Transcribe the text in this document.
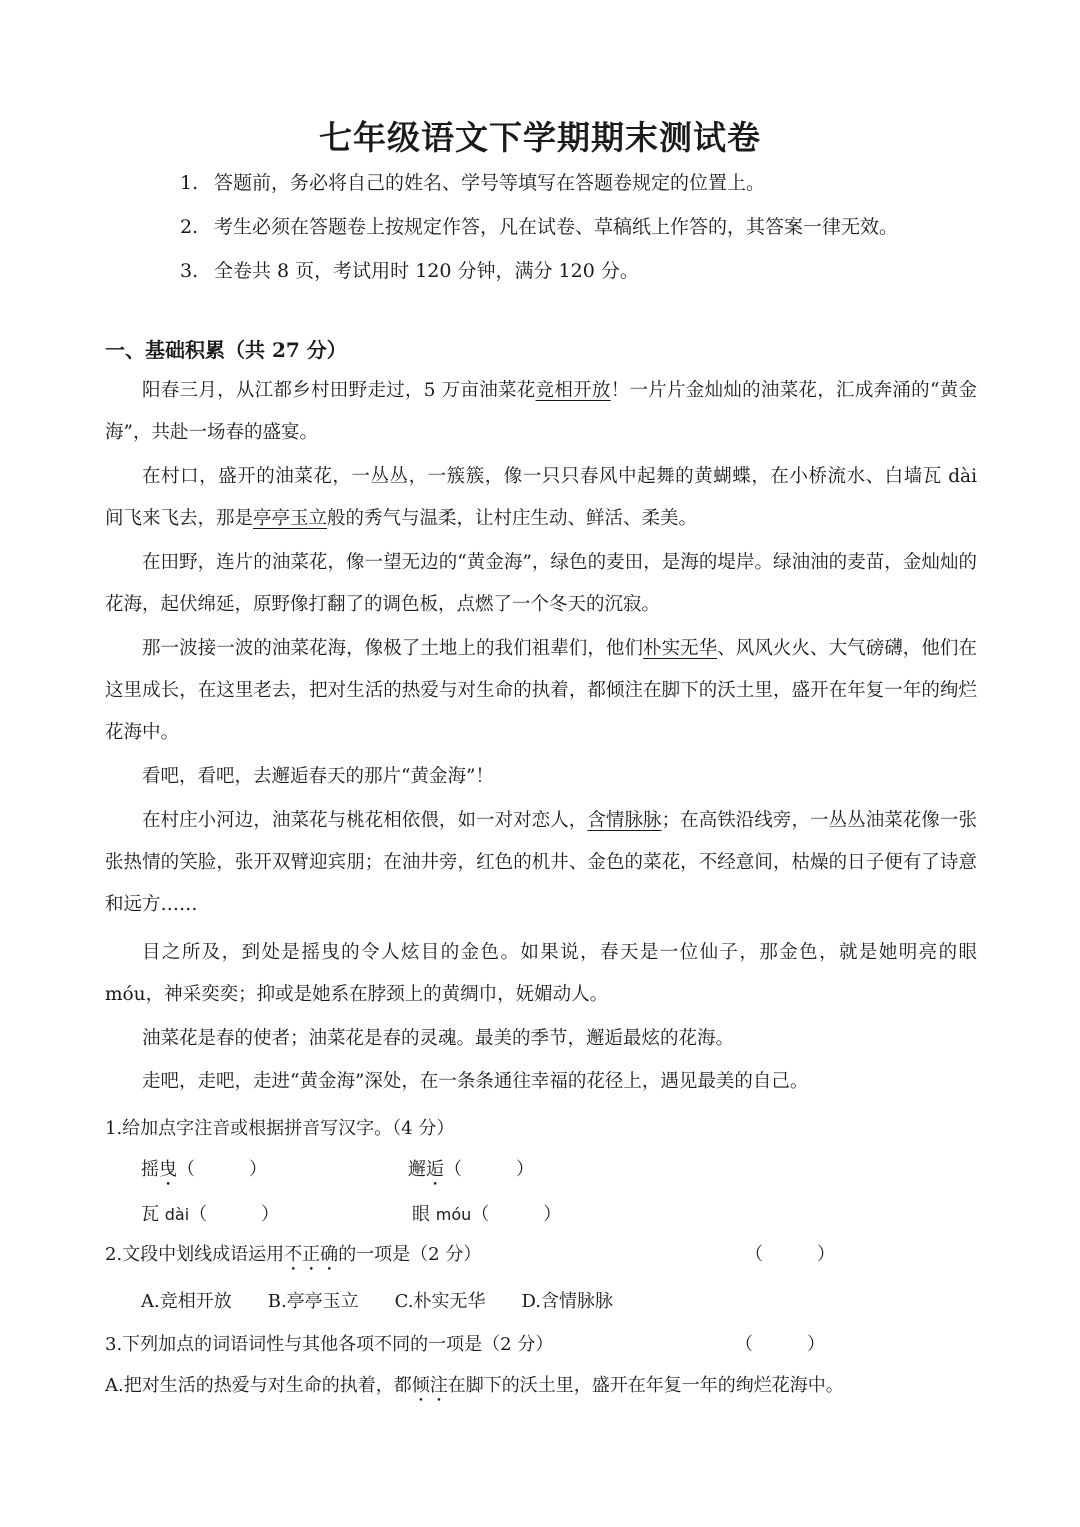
七年级语文下学期期末测试卷
1. 答题前，务必将自己的姓名、学号等填写在答题卷规定的位置上。
2. 考生必须在答题卷上按规定作答，凡在试卷、草稿纸上作答的，其答案一律无效。
3. 全卷共 8 页，考试用时 120 分钟，满分 120 分。
一、基础积累（共 27 分）
阳春三月，从江都乡村田野走过，5 万亩油菜花竞相开放！一片片金灿灿的油菜花，汇成奔涌的“黄金海”，共赴一场春的盛宴。
在村口，盛开的油菜花，一丛丛，一簇簇，像一只只春风中起舞的黄蝴蝶，在小桥流水、白墙瓦 dài 间飞来飞去，那是亭亭玉立般的秀气与温柔，让村庄生动、鲜活、柔美。
在田野，连片的油菜花，像一望无边的“黄金海”，绿色的麦田，是海的堤岸。绿油油的麦苗，金灿灿的花海，起伏绵延，原野像打翻了的调色板，点燃了一个冬天的沉寂。
那一波接一波的油菜花海，像极了土地上的我们祖辈们，他们朴实无华、风风火火、大气磅礴，他们在这里成长，在这里老去，把对生活的热爱与对生命的执着，都倾注在脚下的沃土里，盛开在年复一年的绚烂花海中。
看吧，看吧，去邂逅春天的那片“黄金海”！
在村庄小河边，油菜花与桃花相依偎，如一对对恋人，含情脉脉；在高铁沿线旁，一丛丛油菜花像一张张热情的笑脸，张开双臂迎宾朋；在油井旁，红色的机井、金色的菜花，不经意间，枯燥的日子便有了诗意和远方……
目之所及，到处是摇曳的令人炫目的金色。如果说，春天是一位仙子，那金色，就是她明亮的眼 móu，神采奕奕；抑或是她系在脖颈上的黄绸巾，妩媚动人。
油菜花是春的使者；油菜花是春的灵魂。最美的季节，邂逅最炫的花海。
走吧，走吧，走进“黄金海”深处，在一条条通往幸福的花径上，遇见最美的自己。
1.给加点字注音或根据拼音写汉字。（4 分）
摇曳（　　　）	邂逅（　　　）
瓦 dài（　　　）	眼 móu（　　　）
2.文段中划线成语运用不正确的一项是（2 分）	（　　　）
A.竞相开放　　B.亭亭玉立　　C.朴实无华　　D.含情脉脉
3.下列加点的词语词性与其他各项不同的一项是（2 分）	（　　　）
A.把对生活的热爱与对生命的执着，都倾注在脚下的沃土里，盛开在年复一年的绚烂花海中。
